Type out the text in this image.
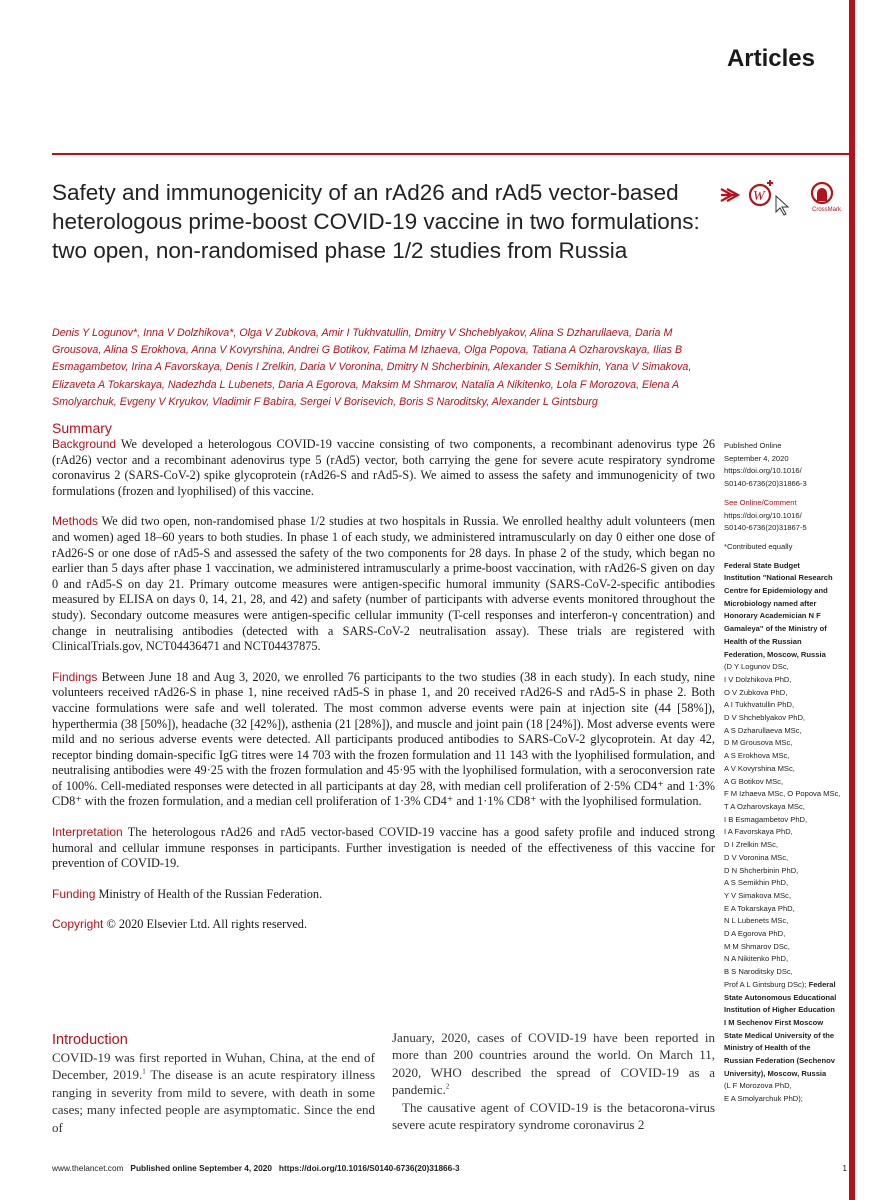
Articles
Safety and immunogenicity of an rAd26 and rAd5 vector-based heterologous prime-boost COVID-19 vaccine in two formulations: two open, non-randomised phase 1/2 studies from Russia
W
CrossMark
Denis Y Logunov*, Inna V Dolzhikova*, Olga V Zubkova, Amir I Tukhvatullin, Dmitry V Shcheblyakov, Alina S Dzharullaeva, Daria M Grousova, Alina S Erokhova, Anna V Kovyrshina, Andrei G Botikov, Fatima M Izhaeva, Olga Popova, Tatiana A Ozharovskaya, Ilias B Esmagambetov, Irina A Favorskaya, Denis I Zrelkin, Daria V Voronina, Dmitry N Shcherbinin, Alexander S Semikhin, Yana V Simakova, Elizaveta A Tokarskaya, Nadezhda L Lubenets, Daria A Egorova, Maksim M Shmarov, Natalia A Nikitenko, Lola F Morozova, Elena A Smolyarchuk, Evgeny V Kryukov, Vladimir F Babira, Sergei V Borisevich, Boris S Naroditsky, Alexander L Gintsburg
Summary

Background We developed a heterologous COVID-19 vaccine consisting of two components, a recombinant adenovirus type 26 (rAd26) vector and a recombinant adenovirus type 5 (rAd5) vector, both carrying the gene for severe acute respiratory syndrome coronavirus 2 (SARS-CoV-2) spike glycoprotein (rAd26-S and rAd5-S). We aimed to assess the safety and immunogenicity of two formulations (frozen and lyophilised) of this vaccine.

Methods We did two open, non-randomised phase 1/2 studies at two hospitals in Russia. We enrolled healthy adult volunteers (men and women) aged 18–60 years to both studies. In phase 1 of each study, we administered intramuscularly on day 0 either one dose of rAd26-S or one dose of rAd5-S and assessed the safety of the two components for 28 days. In phase 2 of the study, which began no earlier than 5 days after phase 1 vaccination, we administered intramuscularly a prime-boost vaccination, with rAd26-S given on day 0 and rAd5-S on day 21. Primary outcome measures were antigen-specific humoral immunity (SARS-CoV-2-specific antibodies measured by ELISA on days 0, 14, 21, 28, and 42) and safety (number of participants with adverse events monitored throughout the study). Secondary outcome measures were antigen-specific cellular immunity (T-cell responses and interferon-γ concentration) and change in neutralising antibodies (detected with a SARS-CoV-2 neutralisation assay). These trials are registered with ClinicalTrials.gov, NCT04436471 and NCT04437875.

Findings Between June 18 and Aug 3, 2020, we enrolled 76 participants to the two studies (38 in each study). In each study, nine volunteers received rAd26-S in phase 1, nine received rAd5-S in phase 1, and 20 received rAd26-S and rAd5-S in phase 2. Both vaccine formulations were safe and well tolerated. The most common adverse events were pain at injection site (44 [58%]), hyperthermia (38 [50%]), headache (32 [42%]), asthenia (21 [28%]), and muscle and joint pain (18 [24%]). Most adverse events were mild and no serious adverse events were detected. All participants produced antibodies to SARS-CoV-2 glycoprotein. At day 42, receptor binding domain-specific IgG titres were 14 703 with the frozen formulation and 11 143 with the lyophilised formulation, and neutralising antibodies were 49·25 with the frozen formulation and 45·95 with the lyophilised formulation, with a seroconversion rate of 100%. Cell-mediated responses were detected in all participants at day 28, with median cell proliferation of 2·5% CD4⁺ and 1·3% CD8⁺ with the frozen formulation, and a median cell proliferation of 1·3% CD4⁺ and 1·1% CD8⁺ with the lyophilised formulation.

Interpretation The heterologous rAd26 and rAd5 vector-based COVID-19 vaccine has a good safety profile and induced strong humoral and cellular immune responses in participants. Further investigation is needed of the effectiveness of this vaccine for prevention of COVID-19.

Funding Ministry of Health of the Russian Federation.

Copyright © 2020 Elsevier Ltd. All rights reserved.

Introduction
COVID-19 was first reported in Wuhan, China, at the end of December, 2019.$^1$ The disease is an acute respiratory illness ranging in severity from mild to severe, with death in some cases; many infected people are asymptomatic. Since the end of

January, 2020, cases of COVID-19 have been reported in more than 200 countries around the world. On March 11, 2020, WHO described the spread of COVID-19 as a pandemic.$^2$

The causative agent of COVID-19 is the betacorona-virus severe acute respiratory syndrome coronavirus 2

Published Online
September 4, 2020
https://doi.org/10.1016/
S0140-6736(20)31866-3
See Online/Comment
https://doi.org/10.1016/
S0140-6736(20)31867-5
*Contributed equally
Federal State Budget
Institution "National Research
Centre for Epidemiology and
Microbiology named after
Honorary Academician N F
Gamaleya" of the Ministry of
Health of the Russian
Federation, Moscow, Russia
(D Y Logunov DSc,
I V Dolzhikova PhD,
O V Zubkova PhD,
A I Tukhvatullin PhD,
D V Shcheblyakov PhD,
A S Dzharullaeva MSc,
D M Grousova MSc,
A S Erokhova MSc,
A V Kovyrshina MSc,
A G Botikov MSc,
F M Izhaeva MSc, O Popova MSc,
T A Ozharovskaya MSc,
I B Esmagambetov PhD,
I A Favorskaya PhD,
D I Zrelkin MSc,
D V Voronina MSc,
D N Shcherbinin PhD,
A S Semikhin PhD,
Y V Simakova MSc,
E A Tokarskaya PhD,
N L Lubenets MSc,
D A Egorova PhD,
M M Shmarov DSc,
N A Nikitenko PhD,
B S Naroditsky DSc,
Prof A L Gintsburg DSc); Federal
State Autonomous Educational
Institution of Higher Education
I M Sechenov First Moscow
State Medical University of the
Ministry of Health of the
Russian Federation (Sechenov
University), Moscow, Russia
(L F Morozova PhD,
E A Smolyarchuk PhD);
www.thelancet.com Published online September 4, 2020 https://doi.org/10.1016/S0140-6736(20)31866-3	1
